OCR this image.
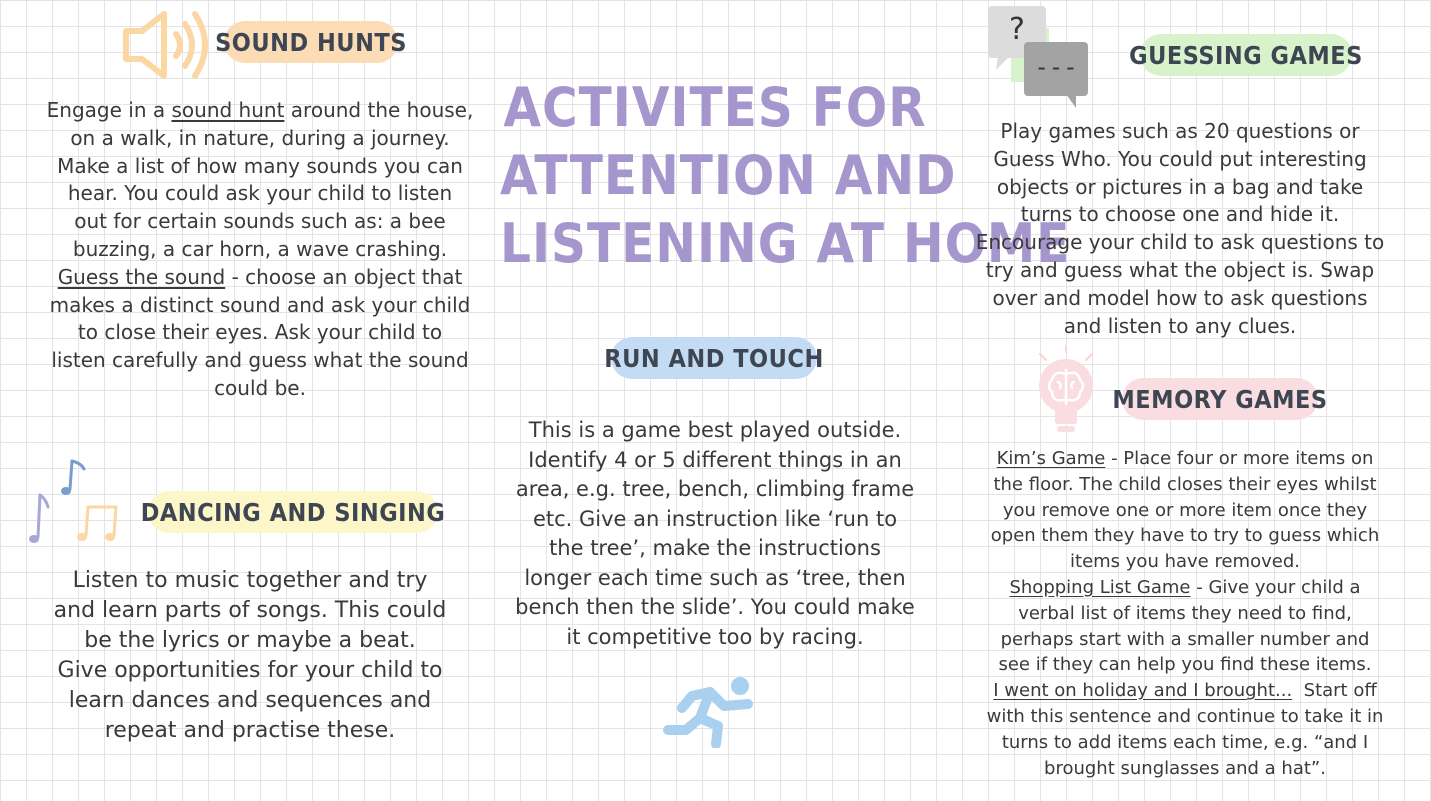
ACTIVITES FOR
ATTENTION AND
LISTENING AT HOME
SOUND HUNTS
Engage in a sound hunt around the house,
on a walk, in nature, during a journey.
Make a list of how many sounds you can
hear. You could ask your child to listen
out for certain sounds such as: a bee
buzzing, a car horn, a wave crashing.
Guess the sound - choose an object that
makes a distinct sound and ask your child
to close their eyes. Ask your child to
listen carefully and guess what the sound
could be.
DANCING AND SINGING
Listen to music together and try
and learn parts of songs. This could
be the lyrics or maybe a beat.
Give opportunities for your child to
learn dances and sequences and
repeat and practise these.
RUN AND TOUCH
This is a game best played outside.
Identify 4 or 5 different things in an
area, e.g. tree, bench, climbing frame
etc. Give an instruction like ‘run to
the tree’, make the instructions
longer each time such as ‘tree, then
bench then the slide’. You could make
it competitive too by racing.
?
---	GUESSING GAMES
Play games such as 20 questions or
Guess Who. You could put interesting
objects or pictures in a bag and take
turns to choose one and hide it.
Encourage your child to ask questions to
try and guess what the object is. Swap
over and model how to ask questions
and listen to any clues.
MEMORY GAMES
Kim’s Game - Place four or more items on
the floor. The child closes their eyes whilst
you remove one or more item once they
open them they have to try to guess which
items you have removed.
Shopping List Game - Give your child a
verbal list of items they need to find,
perhaps start with a smaller number and
see if they can help you find these items.
I went on holiday and I brought... Start off
with this sentence and continue to take it in
turns to add items each time, e.g. “and I
brought sunglasses and a hat”.
